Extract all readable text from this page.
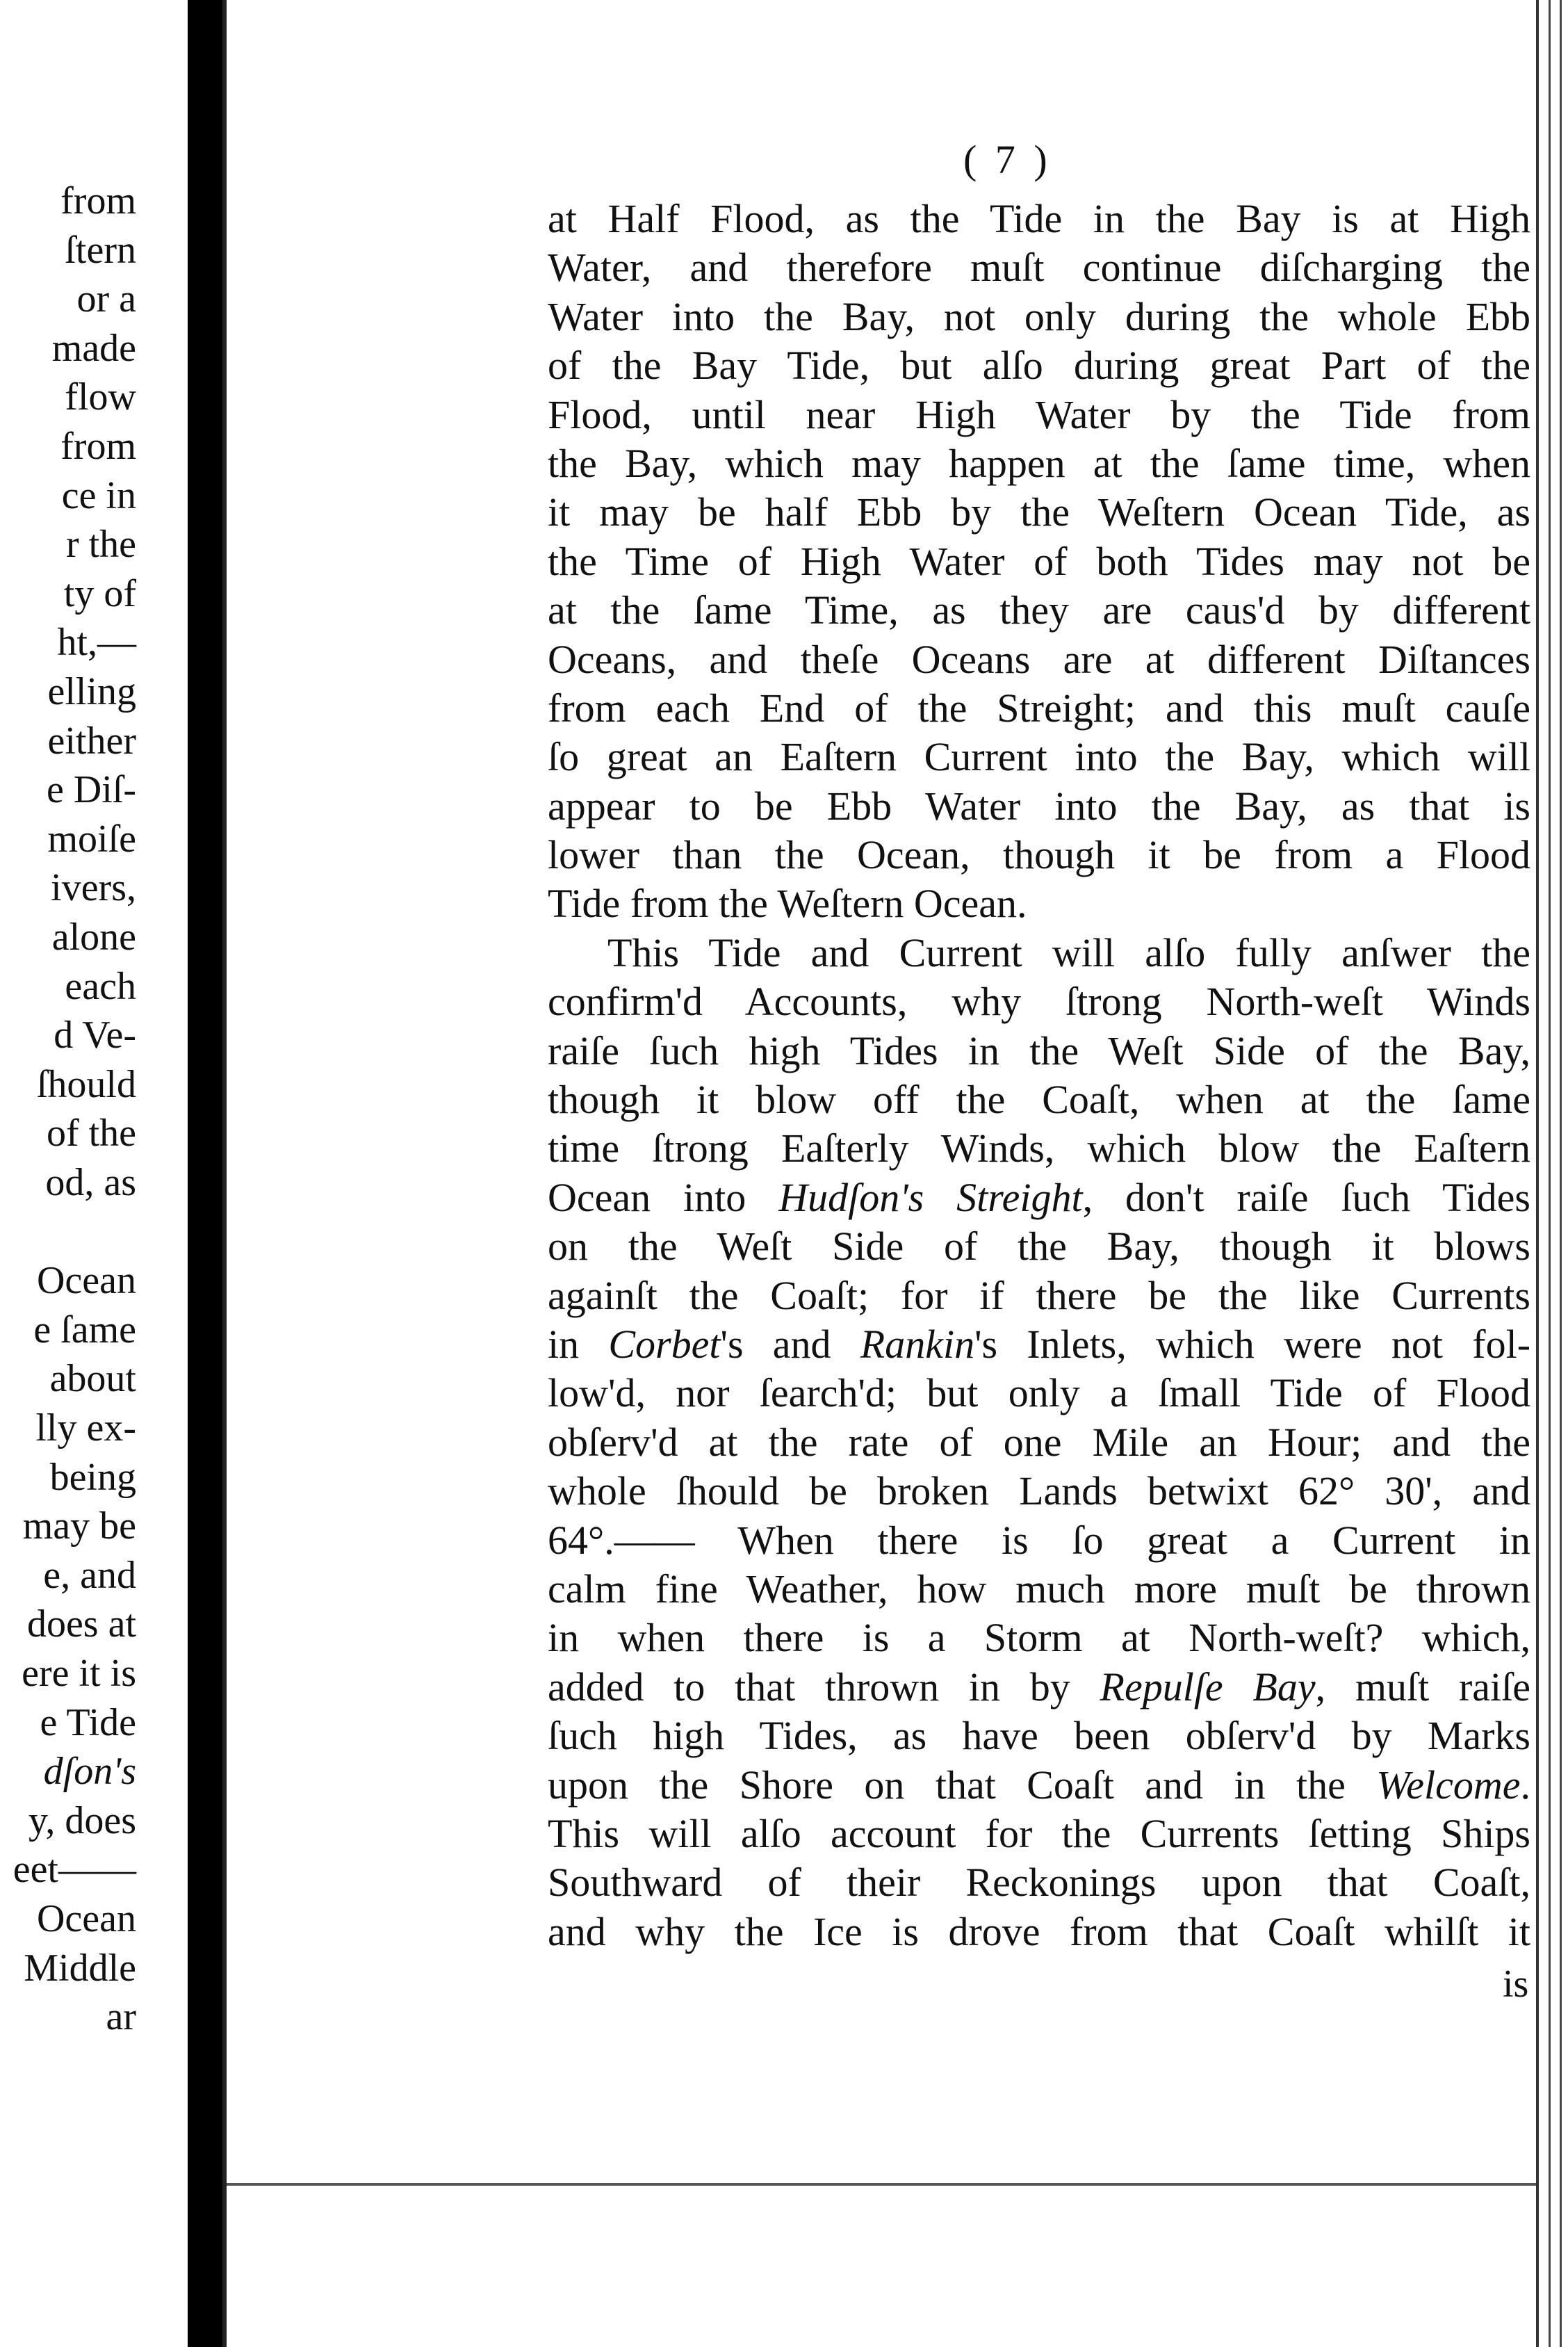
from
ſtern
or a
made
flow
from
ce in
r the
ty of
ht,—
elling
either
e Diſ-
moiſe
ivers,
alone
each
d Ve-
ſhould
of the
od, as
Ocean
e ſame
about
lly ex-
being
may be
e, and
does at
ere it is
e Tide
dſon's
y, does
eet——
Ocean
Middle
ar
( 7 )
at Half Flood, as the Tide in the Bay is at High
Water, and therefore muſt continue diſcharging the
Water into the Bay, not only during the whole Ebb
of the Bay Tide, but alſo during great Part of the
Flood, until near High Water by the Tide from
the Bay, which may happen at the ſame time, when
it may be half Ebb by the Weſtern Ocean Tide, as
the Time of High Water of both Tides may not be
at the ſame Time, as they are caus'd by different
Oceans, and theſe Oceans are at different Diſtances
from each End of the Streight; and this muſt cauſe
ſo great an Eaſtern Current into the Bay, which will
appear to be Ebb Water into the Bay, as that is
lower than the Ocean, though it be from a Flood
Tide from the Weſtern Ocean.
This Tide and Current will alſo fully anſwer the
confirm'd Accounts, why ſtrong North-weſt Winds
raiſe ſuch high Tides in the Weſt Side of the Bay,
though it blow off the Coaſt, when at the ſame
time ſtrong Eaſterly Winds, which blow the Eaſtern
Ocean into Hudſon's Streight, don't raiſe ſuch Tides
on the Weſt Side of the Bay, though it blows
againſt the Coaſt; for if there be the like Currents
in Corbet's and Rankin's Inlets, which were not fol-
low'd, nor ſearch'd; but only a ſmall Tide of Flood
obſerv'd at the rate of one Mile an Hour; and the
whole ſhould be broken Lands betwixt 62° 30', and
64°.—— When there is ſo great a Current in
calm fine Weather, how much more muſt be thrown
in when there is a Storm at North-weſt? which,
added to that thrown in by Repulſe Bay, muſt raiſe
ſuch high Tides, as have been obſerv'd by Marks
upon the Shore on that Coaſt and in the Welcome.
This will alſo account for the Currents ſetting Ships
Southward of their Reckonings upon that Coaſt,
and why the Ice is drove from that Coaſt whilſt it
is
